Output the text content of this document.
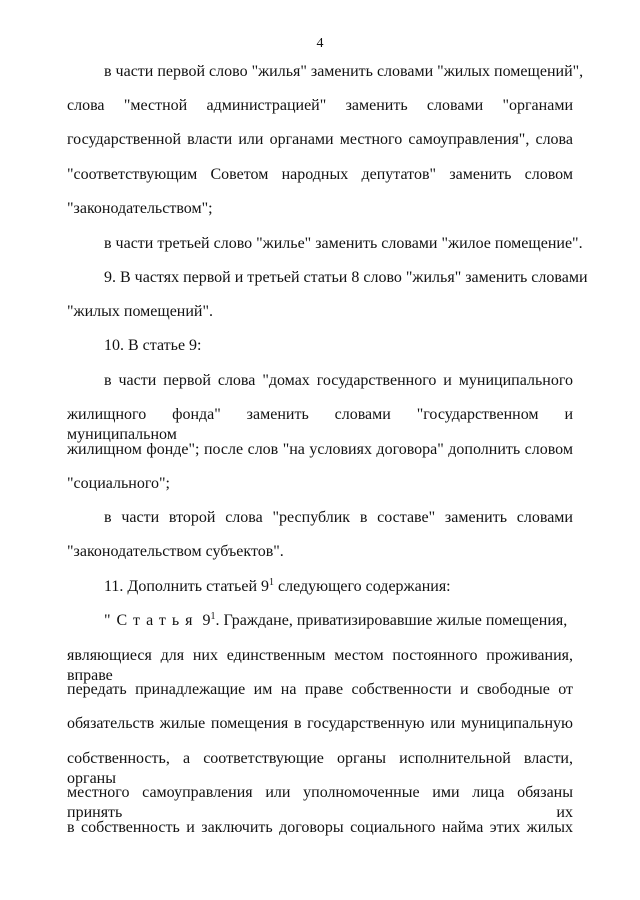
4
в части первой слово "жилья" заменить словами "жилых помещений",
слова "местной администрацией" заменить словами "органами
государственной власти или органами местного самоуправления", слова
"соответствующим Советом народных депутатов" заменить словом
"законодательством";
в части третьей слово "жилье" заменить словами "жилое помещение".
9. В частях первой и третьей статьи 8 слово "жилья" заменить словами
"жилых помещений".
10. В статье 9:
в части первой слова "домах государственного и муниципального
жилищного фонда" заменить словами "государственном и муниципальном
жилищном фонде"; после слов "на условиях договора" дополнить словом
"социального";
в части второй слова "республик в составе" заменить словами
"законодательством субъектов".
11. Дополнить статьей $9^1$ следующего содержания:
"Статья $9^1$. Граждане, приватизировавшие жилые помещения,
являющиеся для них единственным местом постоянного проживания, вправе
передать принадлежащие им на праве собственности и свободные от
обязательств жилые помещения в государственную или муниципальную
собственность, а соответствующие органы исполнительной власти, органы
местного самоуправления или уполномоченные ими лица обязаны принять их
в собственность и заключить договоры социального найма этих жилых
